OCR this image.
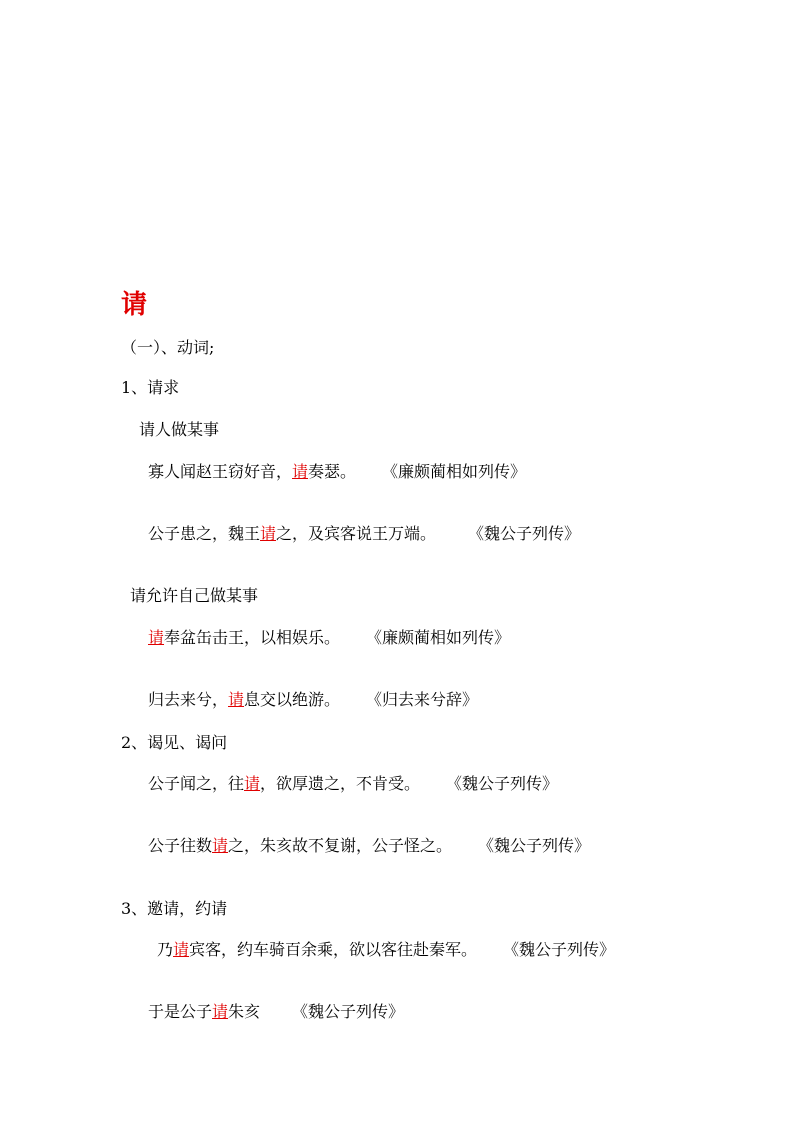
请
（一）、动词;
1、请求
请人做某事
寡人闻赵王窃好音，请奏瑟。 《廉颇蔺相如列传》
公子患之，魏王请之，及宾客说王万端。	《魏公子列传》
请允许自己做某事
请奉盆缶击王，以相娱乐。 《廉颇蔺相如列传》
归去来兮，请息交以绝游。 《归去来兮辞》
2、谒见、谒问
公子闻之，往请，欲厚遗之，不肯受。 《魏公子列传》
公子往数请之，朱亥故不复谢，公子怪之。 《魏公子列传》
3、邀请，约请
乃请宾客，约车骑百余乘，欲以客往赴秦军。 《魏公子列传》
于是公子请朱亥 《魏公子列传》
